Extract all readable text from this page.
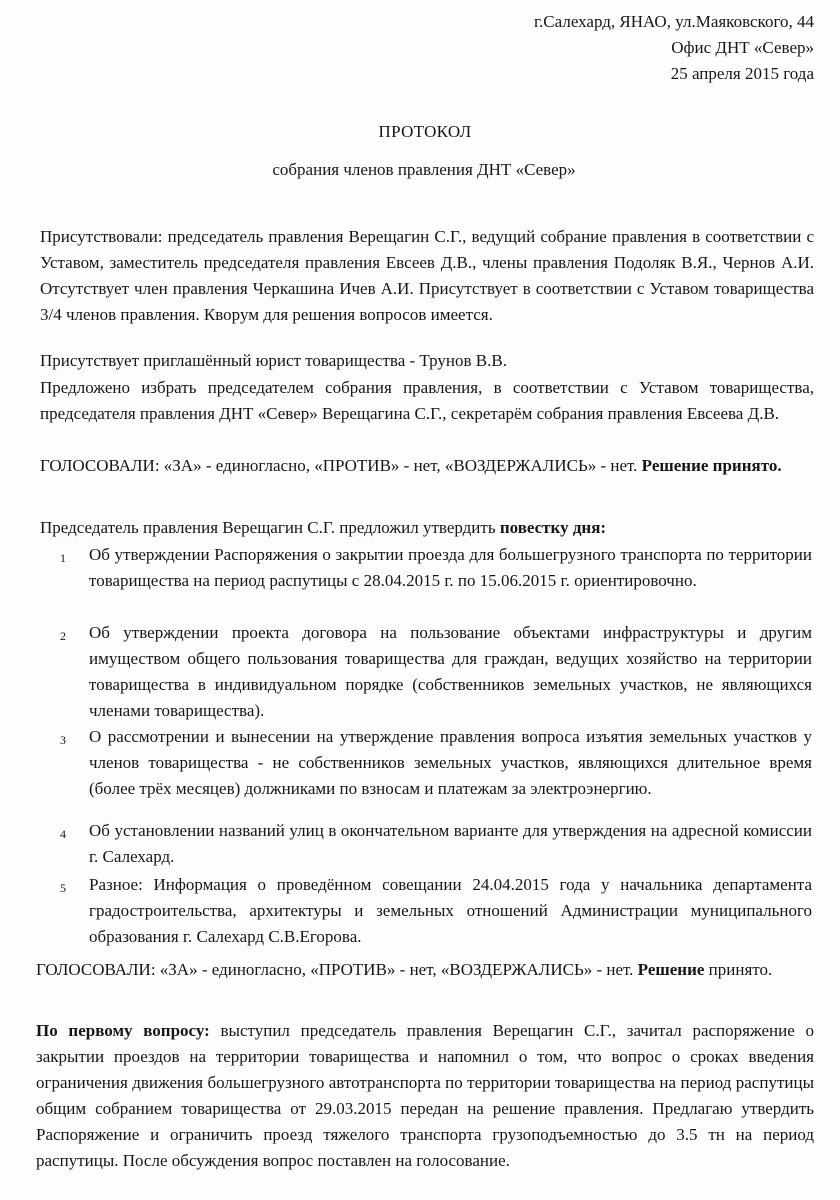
г.Салехард, ЯНАО, ул.Маяковского, 44
Офис ДНТ «Север»
25 апреля 2015 года
ПРОТОКОЛ
собрания членов правления ДНТ «Север»
Присутствовали: председатель правления Верещагин С.Г., ведущий собрание правления в соответствии с Уставом, заместитель председателя правления Евсеев Д.В., члены правления Подоляк В.Я., Чернов А.И. Отсутствует член правления Черкашина Ичев А.И. Присутствует в соответствии с Уставом товарищества 3/4 членов правления. Кворум для решения вопросов имеется.
Присутствует приглашённый юрист товарищества - Трунов В.В.
Предложено избрать председателем собрания правления, в соответствии с Уставом товарищества, председателя правления ДНТ «Север» Верещагина С.Г., секретарём собрания правления Евсеева Д.В.
ГОЛОСОВАЛИ: «ЗА» - единогласно, «ПРОТИВ» - нет, «ВОЗДЕРЖАЛИСЬ» - нет. Решение принято.
Председатель правления Верещагин С.Г. предложил утвердить повестку дня:
1 Об утверждении Распоряжения о закрытии проезда для большегрузного транспорта по территории товарищества на период распутицы с 28.04.2015 г. по 15.06.2015 г. ориентировочно.
2 Об утверждении проекта договора на пользование объектами инфраструктуры и другим имуществом общего пользования товарищества для граждан, ведущих хозяйство на территории товарищества в индивидуальном порядке (собственников земельных участков, не являющихся членами товарищества).
3 О рассмотрении и вынесении на утверждение правления вопроса изъятия земельных участков у членов товарищества - не собственников земельных участков, являющихся длительное время (более трёх месяцев) должниками по взносам и платежам за электроэнергию.
4 Об установлении названий улиц в окончательном варианте для утверждения на адресной комиссии г. Салехард.
5 Разное: Информация о проведённом совещании 24.04.2015 года у начальника департамента градостроительства, архитектуры и земельных отношений Администрации муниципального образования г. Салехард С.В.Егорова.
ГОЛОСОВАЛИ: «ЗА» - единогласно, «ПРОТИВ» - нет, «ВОЗДЕРЖАЛИСЬ» - нет. Решение принято.
По первому вопросу: выступил председатель правления Верещагин С.Г., зачитал распоряжение о закрытии проездов на территории товарищества и напомнил о том, что вопрос о сроках введения ограничения движения большегрузного автотранспорта по территории товарищества на период распутицы общим собранием товарищества от 29.03.2015 передан на решение правления. Предлагаю утвердить Распоряжение и ограничить проезд тяжелого транспорта грузоподъемностью до 3.5 тн на период распутицы. После обсуждения вопрос поставлен на голосование.
